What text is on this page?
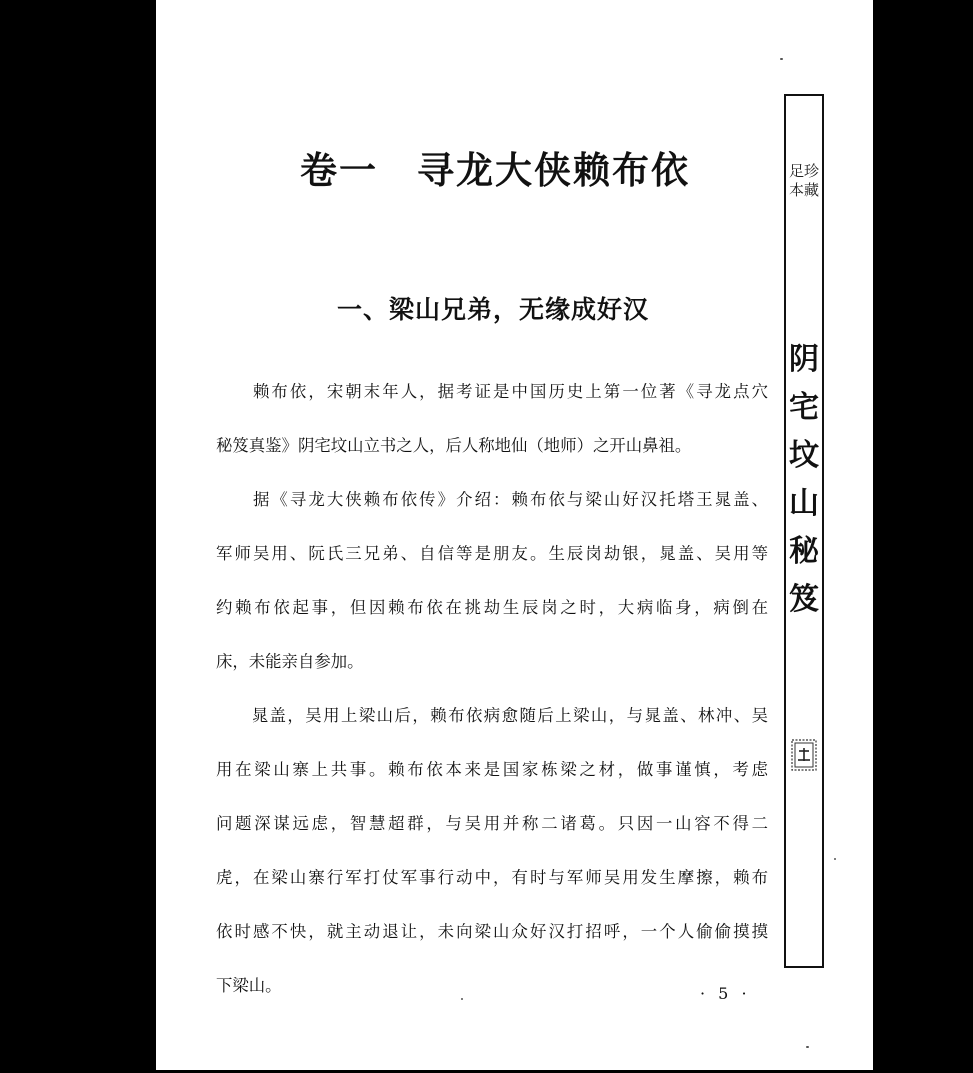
卷一　寻龙大侠赖布依
一、梁山兄弟，无缘成好汉
　　赖布依，宋朝末年人，据考证是中国历史上第一位著《寻龙点穴
秘笈真鉴》阴宅坟山立书之人，后人称地仙（地师）之开山鼻祖。
　　据《寻龙大侠赖布依传》介绍：赖布依与梁山好汉托塔王晁盖、
军师吴用、阮氏三兄弟、自信等是朋友。生辰岗劫银，晁盖、吴用等
约赖布依起事，但因赖布依在挑劫生辰岗之时，大病临身，病倒在
床，未能亲自参加。
　　晁盖，吴用上梁山后，赖布依病愈随后上梁山，与晁盖、林冲、吴
用在梁山寨上共事。赖布依本来是国家栋梁之材，做事谨慎，考虑
问题深谋远虑，智慧超群，与吴用并称二诸葛。只因一山容不得二
虎，在梁山寨行军打仗军事行动中，有时与军师吴用发生摩擦，赖布
依时感不快，就主动退让，未向梁山众好汉打招呼，一个人偷偷摸摸
下梁山。
足珍
本藏
阴
宅
坟
山
秘
笈
· 5 ·
